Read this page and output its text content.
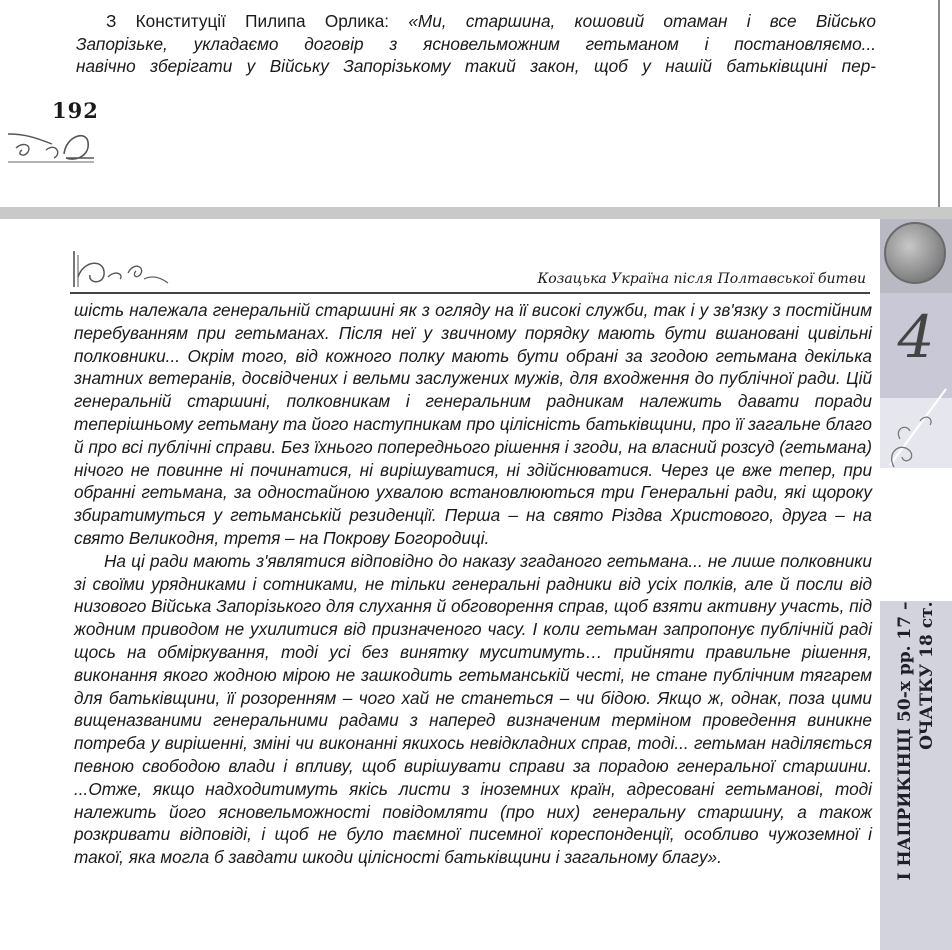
З Конституції Пилипа Орлика: «Ми, старшина, кошовий отаман і все Військо

Запорізьке, укладаємо договір з ясновельможним гетьманом і постановляємо...

навічно зберігати у Війську Запорізькому такий закон, щоб у нашій батьківщині пер-

192
Козацька Україна після Полтавської битви

шість належала генеральній старшині як з огляду на її високі служби, так і у зв'язку з постійним перебуванням при гетьманах. Після неї у звичному порядку мають бути вшановані цивільні полковники... Окрім того, від кожного полку мають бути обрані за згодою гетьмана декілька знатних ветеранів, досвідчених і вельми заслужених мужів, для входження до публічної ради. Цій генеральній старшині, полковникам і генеральним радникам належить давати поради теперішньому гетьману та його наступникам про цілісність батьківщини, про її загальне благо й про всі публічні справи. Без їхнього попереднього рішення і згоди, на власний розсуд (гетьмана) нічого не повинне ні починатися, ні вирішуватися, ні здійснюватися. Через це вже тепер, при обранні гетьмана, за одностайною ухвалою встановлюються три Генеральні ради, які щороку збиратимуться у гетьманській резиденції. Перша – на свято Різдва Христового, друга – на свято Великодня, третя – на Покрову Богородиці.

На ці ради мають з'являтися відповідно до наказу згаданого гетьмана... не лише полковники зі своїми урядниками і сотниками, не тільки генеральні радники від усіх полків, але й посли від низового Війська Запорізького для слухання й обговорення справ, щоб взяти активну участь, під жодним приводом не ухилитися від призначеного часу. І коли гетьман запропонує публічній раді щось на обміркування, тоді усі без винятку муситимуть… прийняти правильне рішення, виконання якого жодною мірою не зашкодить гетьманській честі, не стане публічним тягарем для батьківщини, її розоренням – чого хай не станеться – чи бідою. Якщо ж, однак, поза цими вищеназваними генеральними радами з наперед визначеним терміном проведення виникне потреба у вирішенні, зміні чи виконанні якихось невідкладних справ, тоді... гетьман наділяється певною свободою влади і впливу, щоб вирішувати справи за порадою генеральної старшини. ...Отже, якщо надходитимуть якісь листи з іноземних країн, адресовані гетьманові, тоді належить його ясновельможності повідомляти (про них) генеральну старшину, а також розкривати відповіді, і щоб не було таємної писемної кореспонденції, особливо чужоземної і такої, яка могла б завдати шкоди цілісності батьківщини і загальному благу».

4
І НАПРИКІНЦІ 50-х рр. 17 – ОЧАТКУ 18 ст.
